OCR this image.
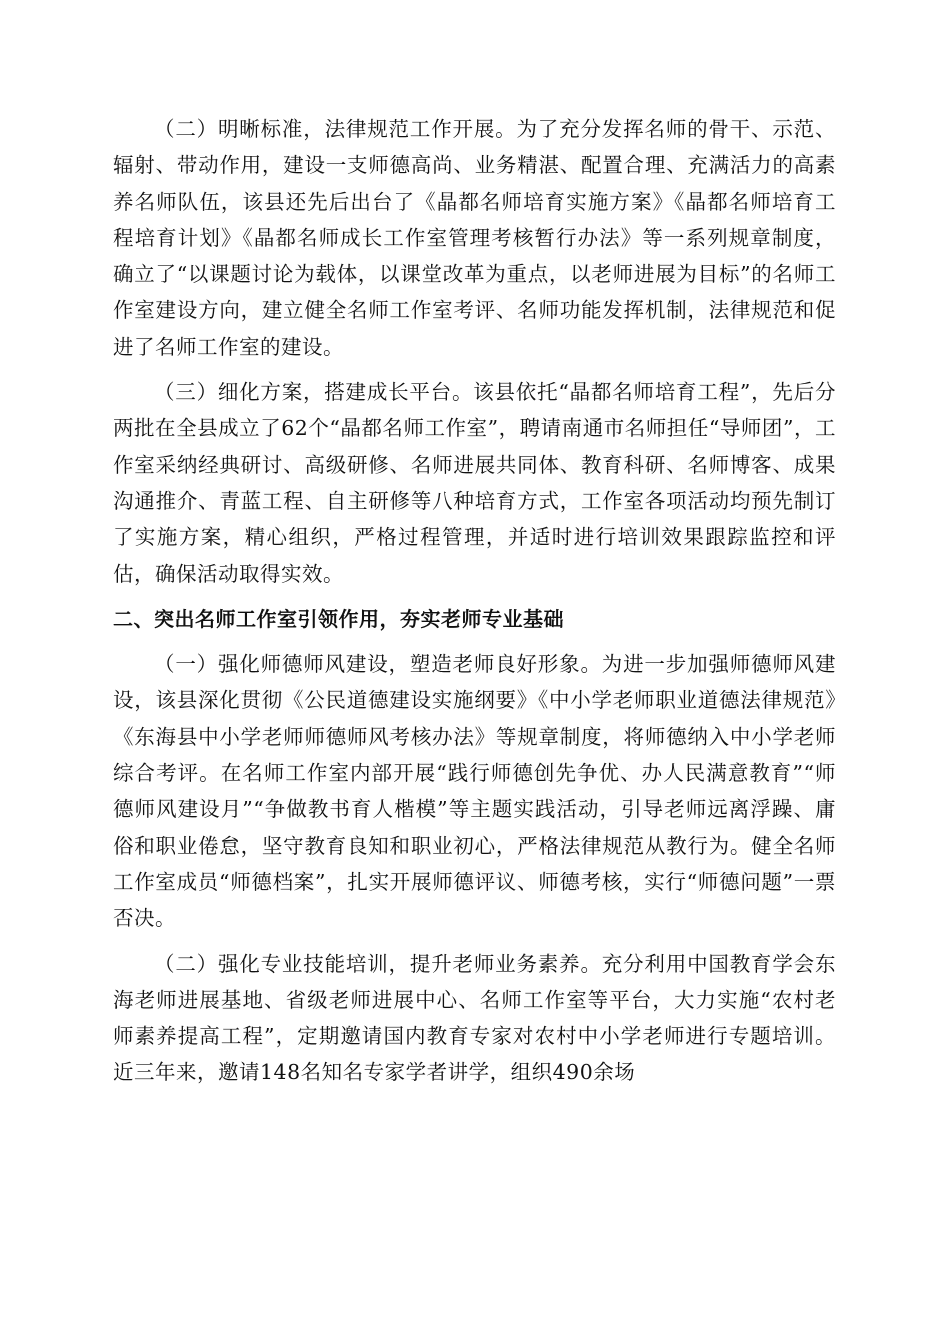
（二）明晰标准，法律规范工作开展。为了充分发挥名师的骨干、示范、辐射、带动作用，建设一支师德高尚、业务精湛、配置合理、充满活力的高素养名师队伍，该县还先后出台了《晶都名师培育实施方案》《晶都名师培育工程培育计划》《晶都名师成长工作室管理考核暂行办法》等一系列规章制度，确立了“以课题讨论为载体，以课堂改革为重点，以老师进展为目标”的名师工作室建设方向，建立健全名师工作室考评、名师功能发挥机制，法律规范和促进了名师工作室的建设。

（三）细化方案，搭建成长平台。该县依托“晶都名师培育工程”，先后分两批在全县成立了62个“晶都名师工作室”，聘请南通市名师担任“导师团”，工作室采纳经典研讨、高级研修、名师进展共同体、教育科研、名师博客、成果沟通推介、青蓝工程、自主研修等八种培育方式，工作室各项活动均预先制订了实施方案，精心组织，严格过程管理，并适时进行培训效果跟踪监控和评估，确保活动取得实效。

二、突出名师工作室引领作用，夯实老师专业基础

（一）强化师德师风建设，塑造老师良好形象。为进一步加强师德师风建设，该县深化贯彻《公民道德建设实施纲要》《中小学老师职业道德法律规范》《东海县中小学老师师德师风考核办法》等规章制度，将师德纳入中小学老师综合考评。在名师工作室内部开展“践行师德创先争优、办人民满意教育”“师德师风建设月”“争做教书育人楷模”等主题实践活动，引导老师远离浮躁、庸俗和职业倦怠，坚守教育良知和职业初心，严格法律规范从教行为。健全名师工作室成员“师德档案”，扎实开展师德评议、师德考核，实行“师德问题”一票否决。

（二）强化专业技能培训，提升老师业务素养。充分利用中国教育学会东海老师进展基地、省级老师进展中心、名师工作室等平台，大力实施“农村老师素养提高工程”，定期邀请国内教育专家对农村中小学老师进行专题培训。近三年来，邀请148名知名专家学者讲学，组织490余场
